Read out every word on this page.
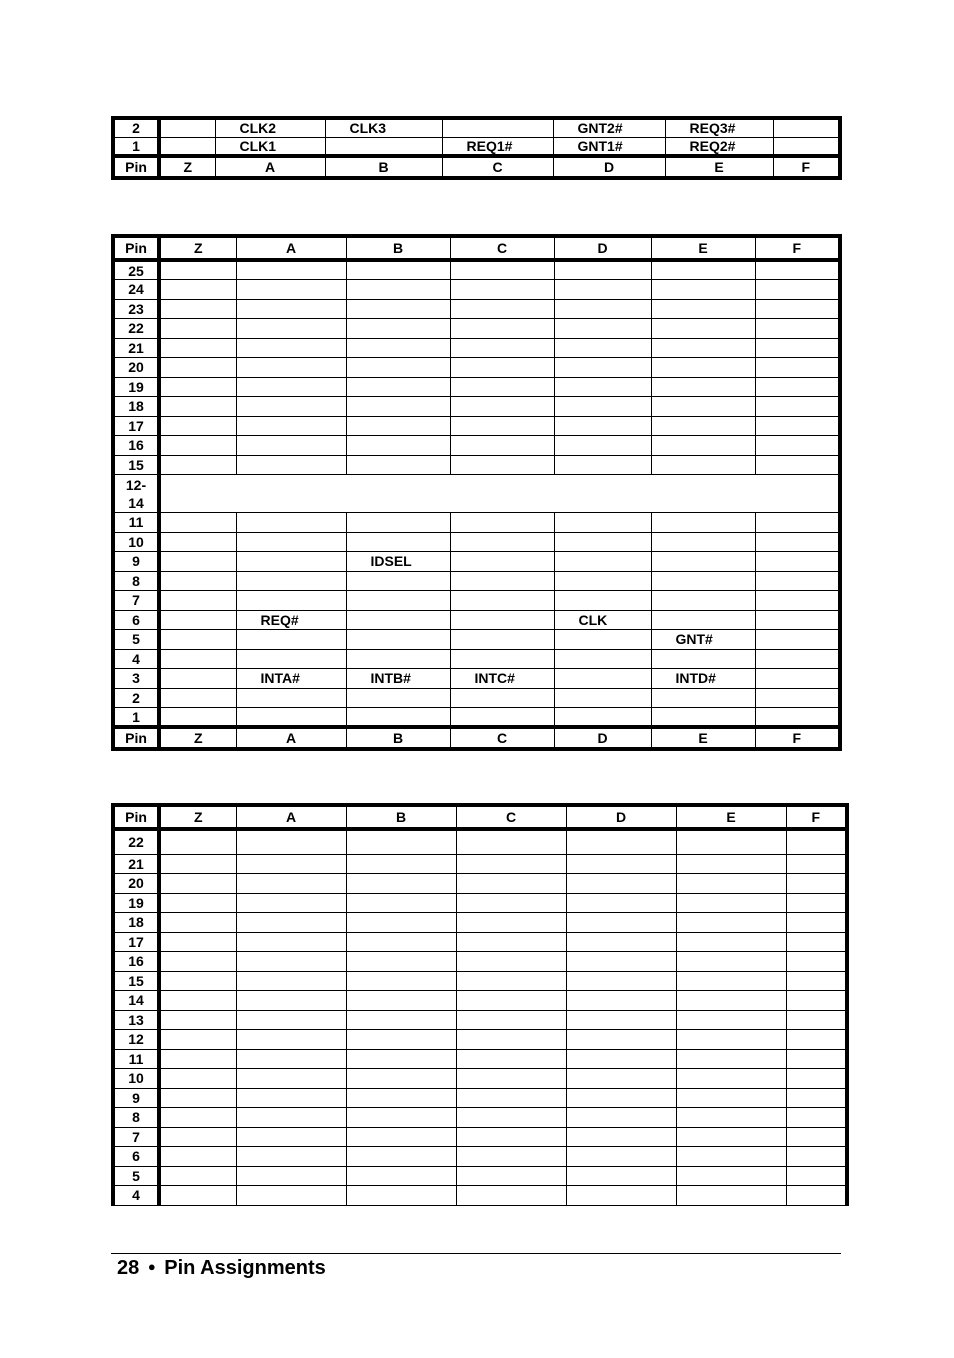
2		CLK2	CLK3		GNT2#	REQ3#	
1		CLK1		REQ1#	GNT1#	REQ2#	
Pin	Z	A	B	C	D	E	F
Pin	Z	A	B	C	D	E	F
25							
24							
23							
22							
21							
20							
19							
18							
17							
16							
15							
12-
14							
11							
10							
9			IDSEL				
8							
7							
6		REQ#			CLK		
5						GNT#	
4							
3		INTA#	INTB#	INTC#		INTD#	
2							
1							
Pin	Z	A	B	C	D	E	F
Pin	Z	A	B	C	D	E	F
22							
21							
20							
19							
18							
17							
16							
15							
14							
13							
12							
11							
10							
9							
8							
7							
6							
5							
4							
28 ● Pin Assignments
